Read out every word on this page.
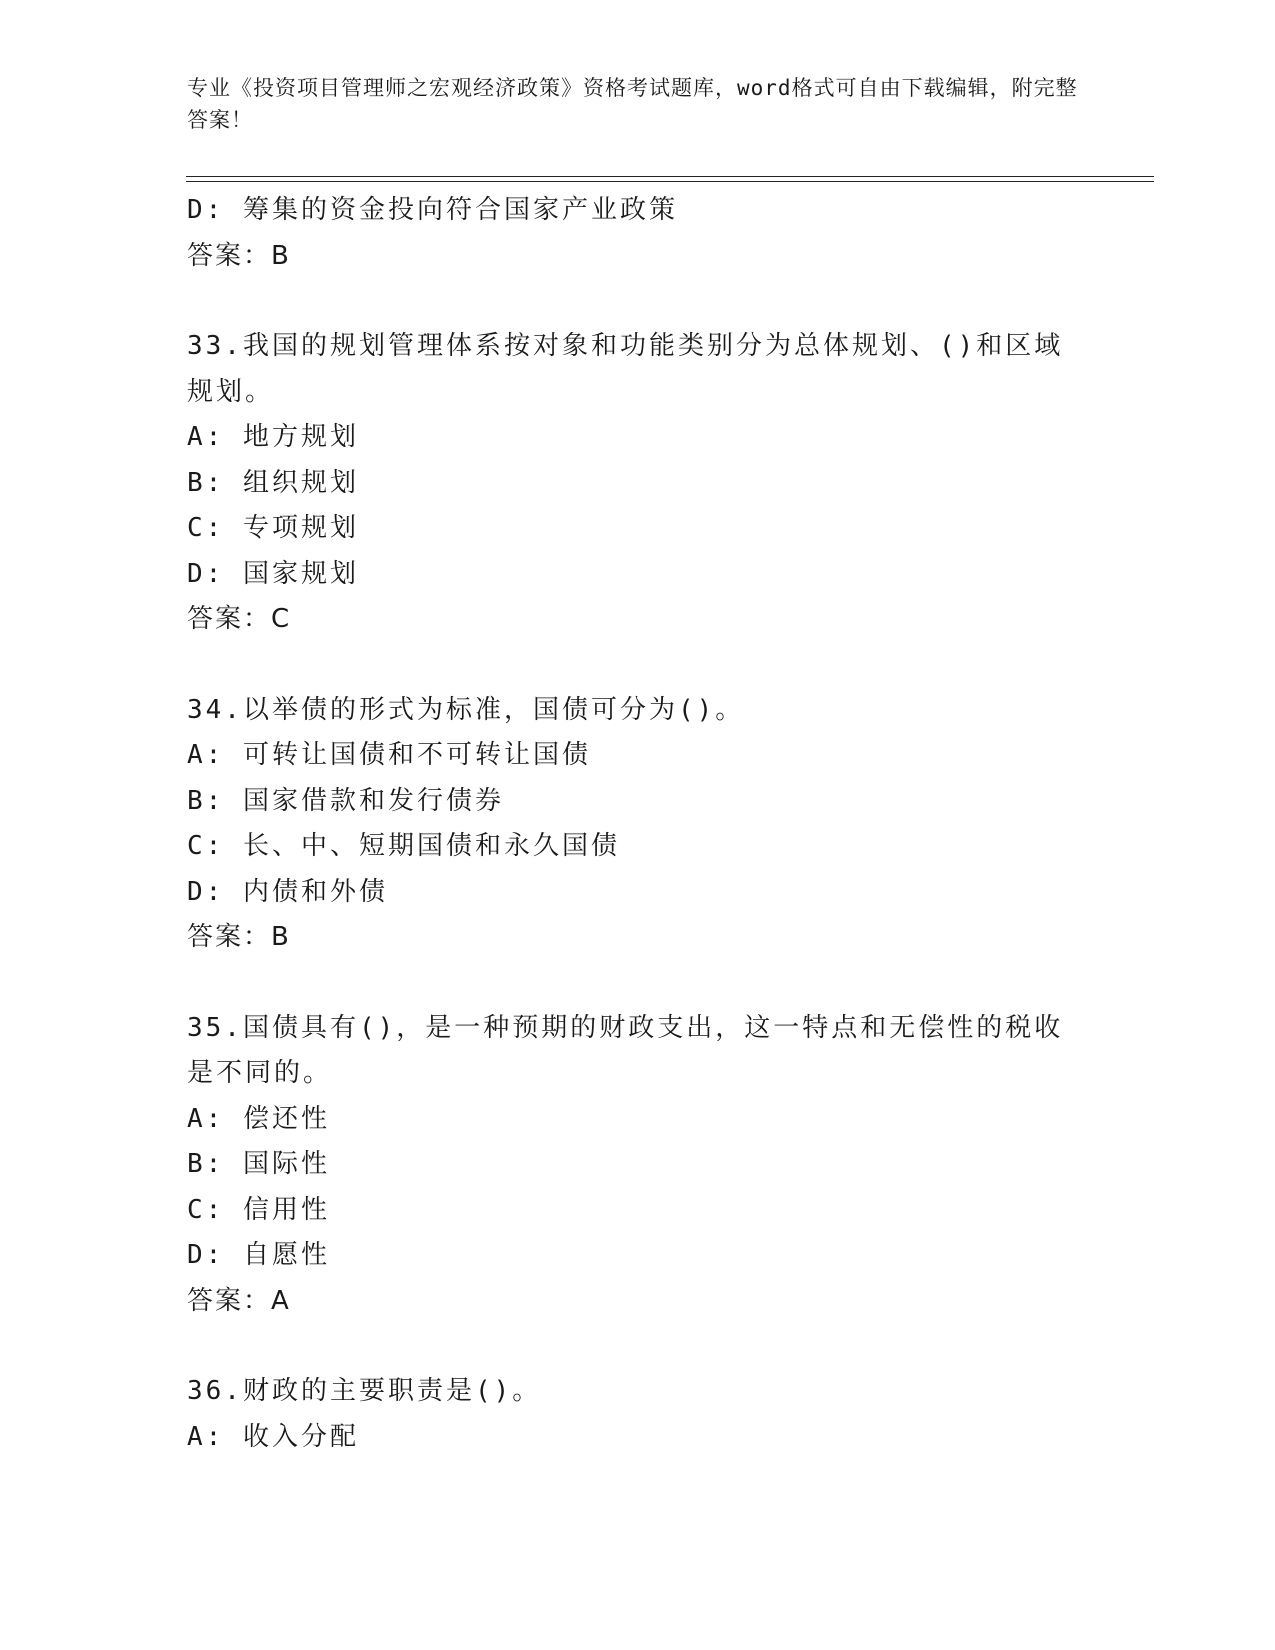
专业《投资项目管理师之宏观经济政策》资格考试题库，word格式可自由下载编辑，附完整答案！
D: 筹集的资金投向符合国家产业政策
答案：B
33.我国的规划管理体系按对象和功能类别分为总体规划、()和区域规划。
A: 地方规划
B: 组织规划
C: 专项规划
D: 国家规划
答案：C
34.以举债的形式为标准，国债可分为()。
A: 可转让国债和不可转让国债
B: 国家借款和发行债券
C: 长、中、短期国债和永久国债
D: 内债和外债
答案：B
35.国债具有()，是一种预期的财政支出，这一特点和无偿性的税收是不同的。
A: 偿还性
B: 国际性
C: 信用性
D: 自愿性
答案：A
36.财政的主要职责是()。
A: 收入分配
